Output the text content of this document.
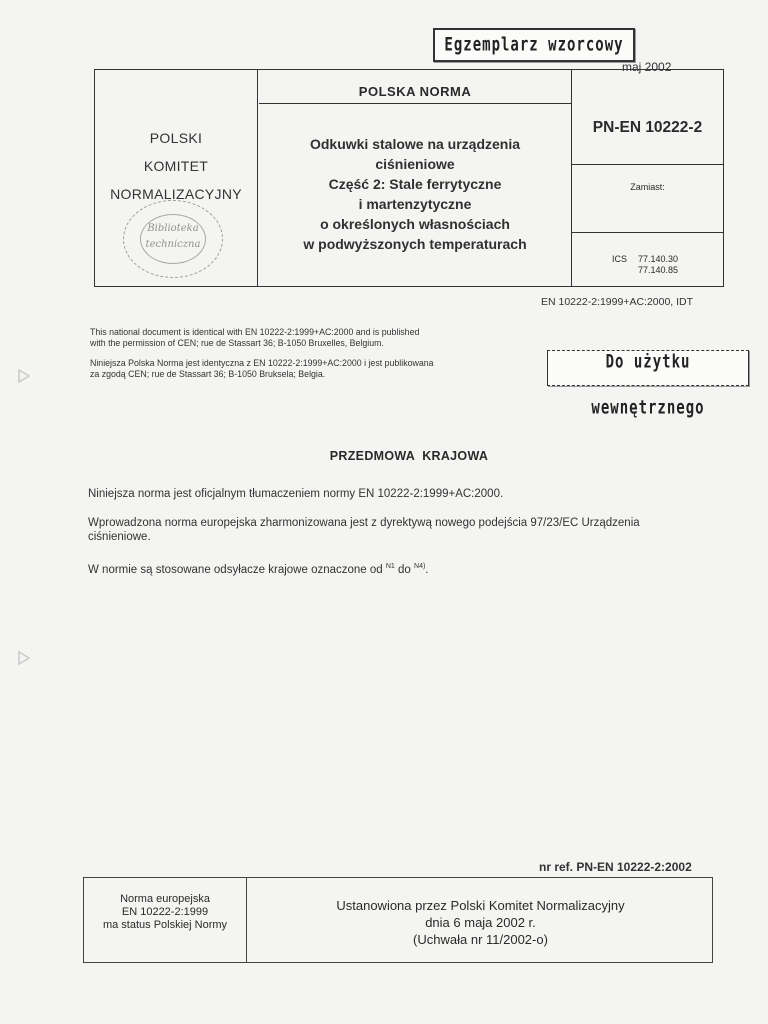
Egzemplarz wzorcowy
maj 2002
POLSKI
KOMITET
NORMALIZACYJNY
Biblioteka
techniczna
POLSKA NORMA
Odkuwki stalowe na urządzenia
ciśnieniowe
Część 2: Stale ferrytyczne
i martenzytyczne
o określonych własnościach
w podwyższonych temperaturach
PN-EN 10222-2
Zamiast:
ICS 77.140.30
77.140.85
EN 10222-2:1999+AC:2000, IDT
This national document is identical with EN 10222-2:1999+AC:2000 and is published
with the permission of CEN; rue de Stassart 36; B-1050 Bruxelles, Belgium.
Niniejsza Polska Norma jest identyczna z EN 10222-2:1999+AC:2000 i jest publikowana
za zgodą CEN; rue de Stassart 36; B-1050 Bruksela; Belgia.
Do użytku wewnętrznego
PRZEDMOWA  KRAJOWA
Niniejsza norma jest oficjalnym tłumaczeniem normy EN 10222-2:1999+AC:2000.
Wprowadzona norma europejska zharmonizowana jest z dyrektywą nowego podejścia 97/23/EC Urządzenia
ciśnieniowe.
W normie są stosowane odsyłacze krajowe oznaczone od $^{N1}$ do $^{N4)}$.
nr ref. PN-EN 10222-2:2002
Norma europejska
EN 10222-2:1999
ma status Polskiej Normy
Ustanowiona przez Polski Komitet Normalizacyjny
dnia 6 maja 2002 r.
(Uchwała nr 11/2002-o)
